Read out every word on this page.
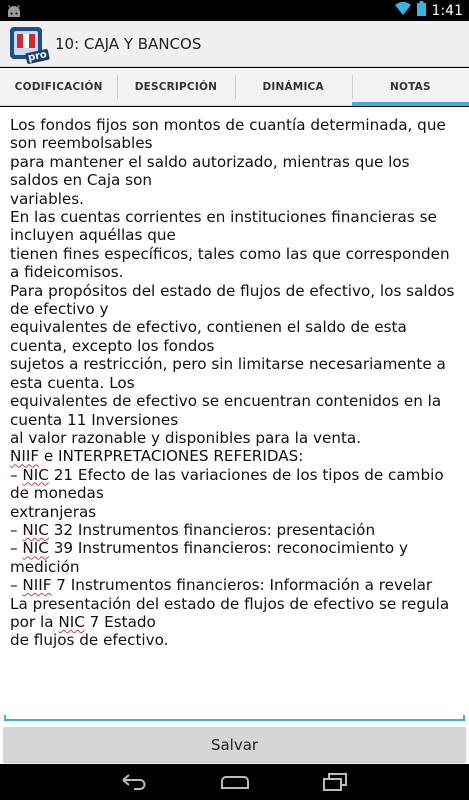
1:41
pro
10: CAJA Y BANCOS
CODIFICACIÓN	DESCRIPCIÓN	DINÁMICA	NOTAS
Los fondos fijos son montos de cuantía determinada, que son reembolsables
para mantener el saldo autorizado, mientras que los saldos en Caja son
variables.
En las cuentas corrientes en instituciones financieras se incluyen aquéllas que
tienen fines específicos, tales como las que corresponden a fideicomisos.
Para propósitos del estado de flujos de efectivo, los saldos de efectivo y
equivalentes de efectivo, contienen el saldo de esta cuenta, excepto los fondos
sujetos a restricción, pero sin limitarse necesariamente a esta cuenta. Los
equivalentes de efectivo se encuentran contenidos en la cuenta 11 Inversiones
al valor razonable y disponibles para la venta.
NIIF e INTERPRETACIONES REFERIDAS:
– NIC 21 Efecto de las variaciones de los tipos de cambio de monedas
extranjeras
– NIC 32 Instrumentos financieros: presentación
– NIC 39 Instrumentos financieros: reconocimiento y medición
– NIIF 7 Instrumentos financieros: Información a revelar
La presentación del estado de flujos de efectivo se regula por la NIC 7 Estado
de flujos de efectivo.
Salvar
